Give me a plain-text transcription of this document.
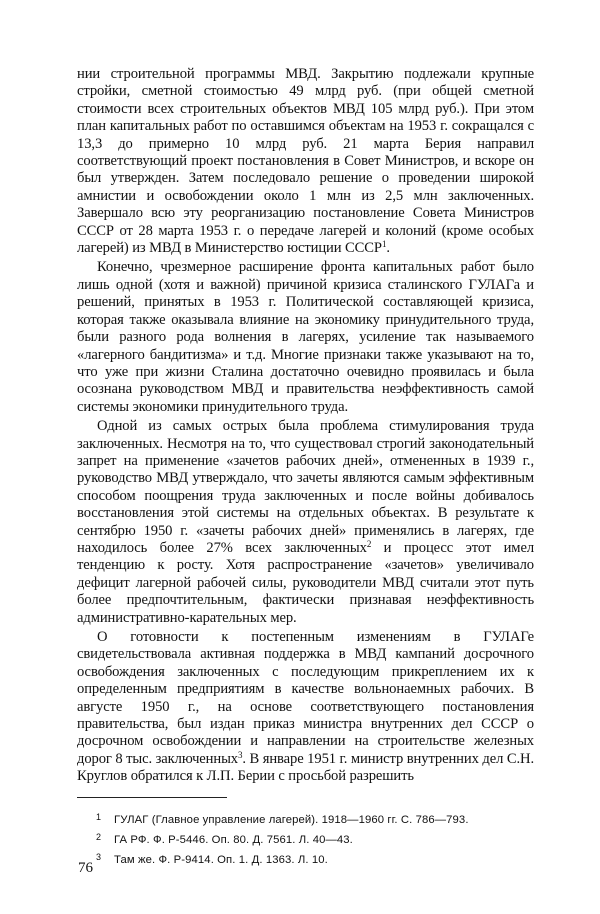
нии строительной программы МВД. Закрытию подлежали крупные стройки, сметной стоимостью 49 млрд руб. (при общей сметной стоимости всех строительных объектов МВД 105 млрд руб.). При этом план капитальных работ по оставшимся объектам на 1953 г. сокращался с 13,3 до примерно 10 млрд руб. 21 марта Берия направил соответствующий проект постановления в Совет Министров, и вскоре он был утвержден. Затем последовало решение о проведении широкой амнистии и освобождении около 1 млн из 2,5 млн заключенных. Завершало всю эту реорганизацию постановление Совета Министров СССР от 28 марта 1953 г. о передаче лагерей и колоний (кроме особых лагерей) из МВД в Министерство юстиции СССР$^1$.

Конечно, чрезмерное расширение фронта капитальных работ было лишь одной (хотя и важной) причиной кризиса сталинского ГУЛАГа и решений, принятых в 1953 г. Политической составляющей кризиса, которая также оказывала влияние на экономику принудительного труда, были разного рода волнения в лагерях, усиление так называемого «лагерного бандитизма» и т.д. Многие признаки также указывают на то, что уже при жизни Сталина достаточно очевидно проявилась и была осознана руководством МВД и правительства неэффективность самой системы экономики принудительного труда.

Одной из самых острых была проблема стимулирования труда заключенных. Несмотря на то, что существовал строгий законодательный запрет на применение «зачетов рабочих дней», отмененных в 1939 г., руководство МВД утверждало, что зачеты являются самым эффективным способом поощрения труда заключенных и после войны добивалось восстановления этой системы на отдельных объектах. В результате к сентябрю 1950 г. «зачеты рабочих дней» применялись в лагерях, где находилось более 27% всех заключенных$^2$ и процесс этот имел тенденцию к росту. Хотя распространение «зачетов» увеличивало дефицит лагерной рабочей силы, руководители МВД считали этот путь более предпочтительным, фактически признавая неэффективность административно-карательных мер.

О готовности к постепенным изменениям в ГУЛАГе свидетельствовала активная поддержка в МВД кампаний досрочного освобождения заключенных с последующим прикреплением их к определенным предприятиям в качестве вольнонаемных рабочих. В августе 1950 г., на основе соответствующего постановления правительства, был издан приказ министра внутренних дел СССР о досрочном освобождении и направлении на строительстве железных дорог 8 тыс. заключенных$^3$. В январе 1951 г. министр внутренних дел С.Н. Круглов обратился к Л.П. Берии с просьбой разрешить

1	ГУЛАГ (Главное управление лагерей). 1918—1960 гг. С. 786—793.
2	ГА РФ. Ф. Р-5446. Оп. 80. Д. 7561. Л. 40—43.
3	Там же. Ф. Р-9414. Оп. 1. Д. 1363. Л. 10.
76
